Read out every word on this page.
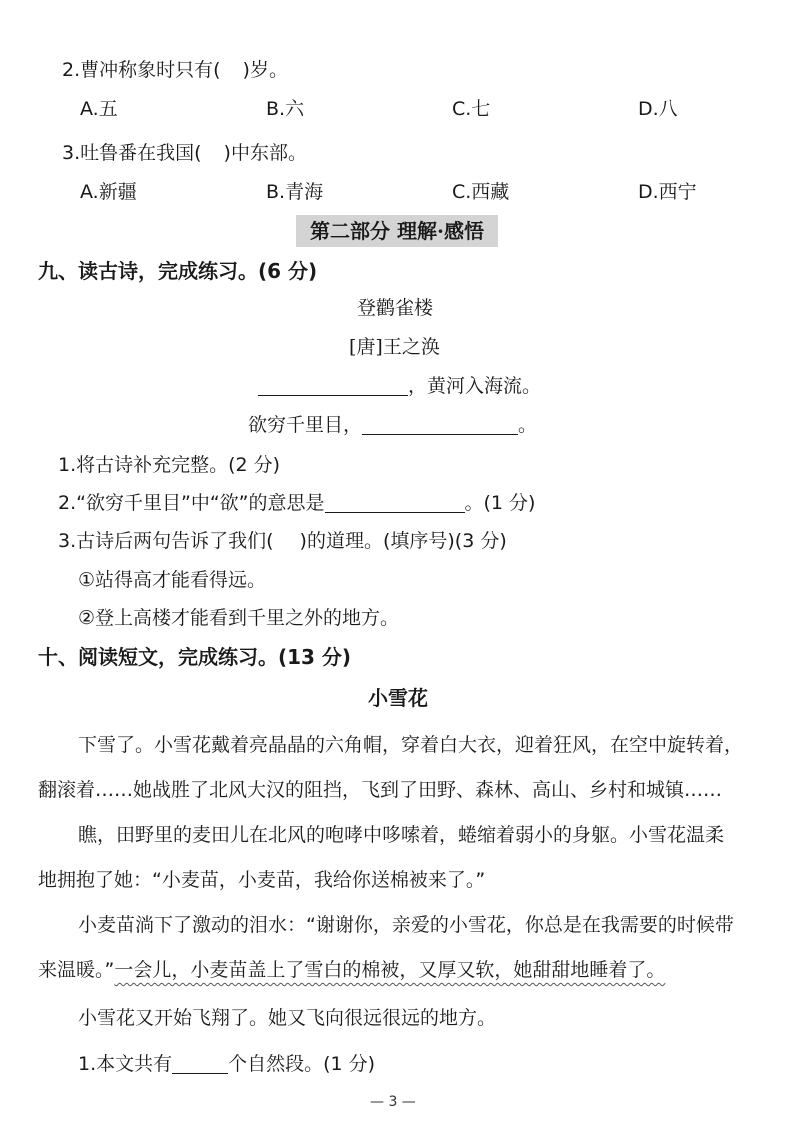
2.曹冲称象时只有( )岁。
A.五	B.六	C.七	D.八
3.吐鲁番在我国( )中东部。
A.新疆	B.青海	C.西藏	D.西宁
第二部分 理解·感悟
九、读古诗，完成练习。(6 分)
登鹳雀楼
[唐]王之涣
，黄河入海流。
欲穷千里目，	。
1.将古诗补充完整。(2 分)
2.“欲穷千里目”中“欲”的意思是	。(1 分)
3.古诗后两句告诉了我们( )的道理。(填序号)(3 分)
①站得高才能看得远。
②登上高楼才能看到千里之外的地方。
十、阅读短文，完成练习。(13 分)
小雪花
下雪了。小雪花戴着亮晶晶的六角帽，穿着白大衣，迎着狂风，在空中旋转着，
翻滚着……她战胜了北风大汉的阻挡，飞到了田野、森林、高山、乡村和城镇……
瞧，田野里的麦田儿在北风的咆哮中哆嗦着，蜷缩着弱小的身躯。小雪花温柔
地拥抱了她：“小麦苗，小麦苗，我给你送棉被来了。”
小麦苗淌下了激动的泪水：“谢谢你，亲爱的小雪花，你总是在我需要的时候带
来温暖。”一会儿，小麦苗盖上了雪白的棉被，又厚又软，她甜甜地睡着了。
小雪花又开始飞翔了。她又飞向很远很远的地方。
1.本文共有	个自然段。(1 分)
— 3 —
